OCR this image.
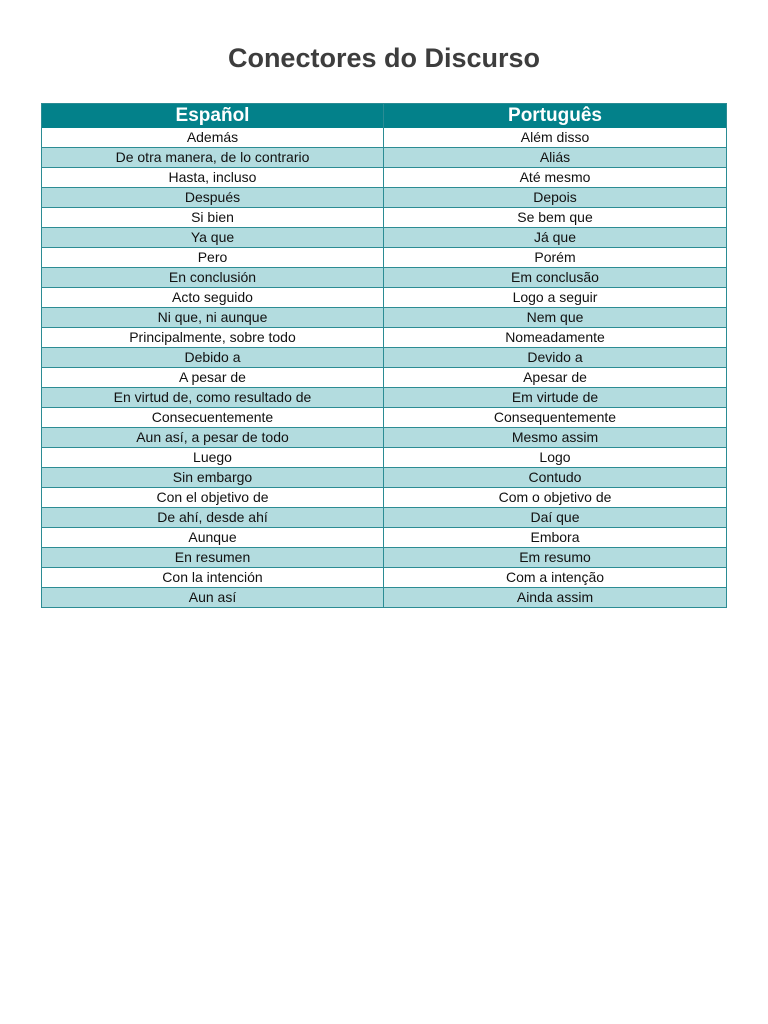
Conectores do Discurso
Español	Português
Además	Além disso
De otra manera, de lo contrario	Aliás
Hasta, incluso	Até mesmo
Después	Depois
Si bien	Se bem que
Ya que	Já que
Pero	Porém
En conclusión	Em conclusão
Acto seguido	Logo a seguir
Ni que, ni aunque	Nem que
Principalmente, sobre todo	Nomeadamente
Debido a	Devido a
A pesar de	Apesar de
En virtud de, como resultado de	Em virtude de
Consecuentemente	Consequentemente
Aun así, a pesar de todo	Mesmo assim
Luego	Logo
Sin embargo	Contudo
Con el objetivo de	Com o objetivo de
De ahí, desde ahí	Daí que
Aunque	Embora
En resumen	Em resumo
Con la intención	Com a intenção
Aun así	Ainda assim
